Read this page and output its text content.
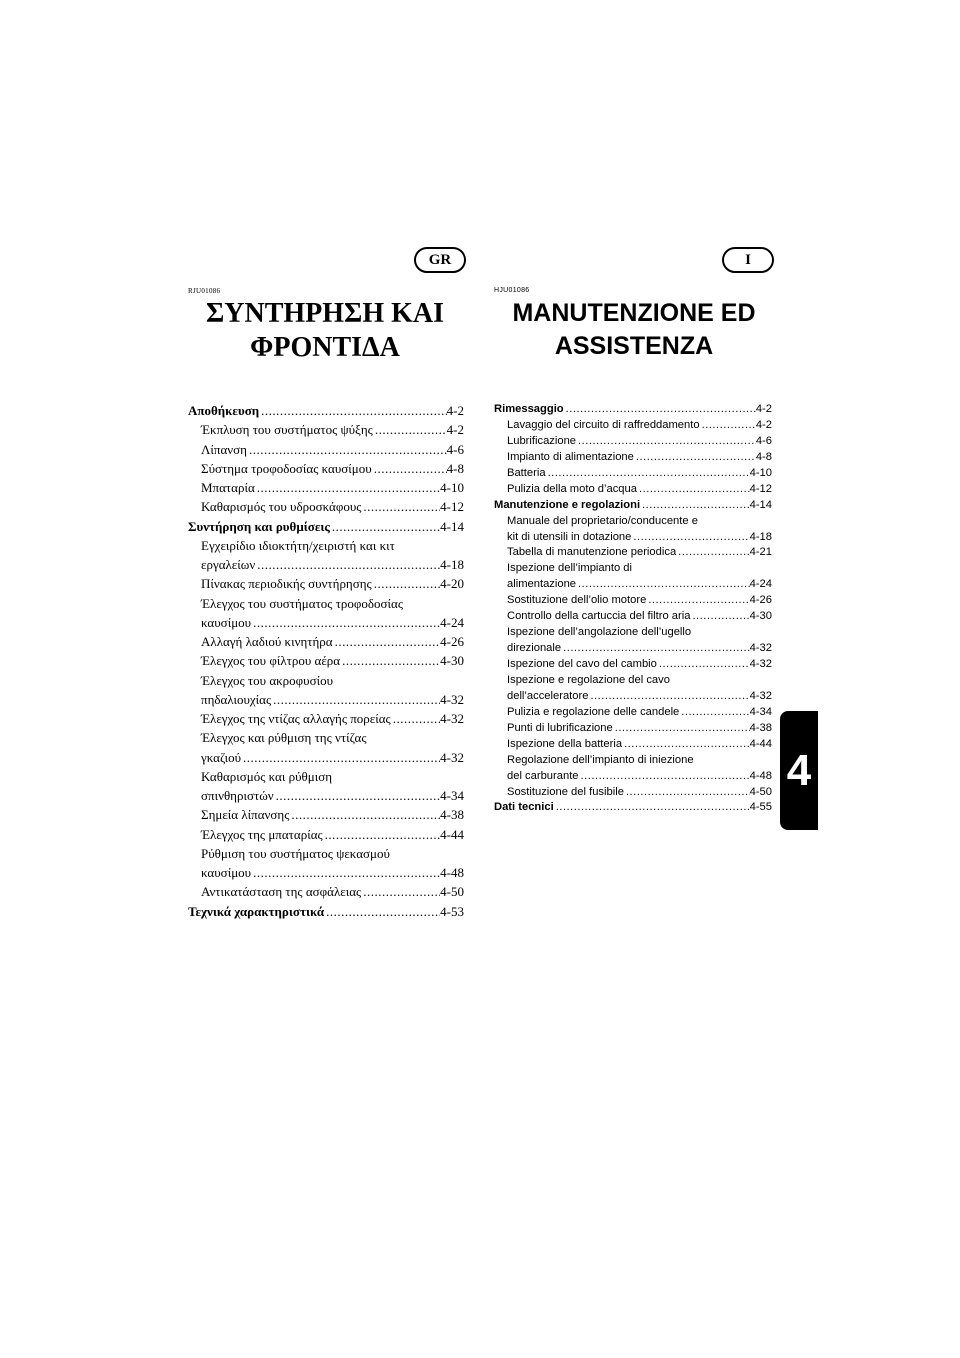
GR	I
RJU01086	HJU01086
ΣΥΝΤΗΡΗΣΗ ΚΑΙ
ΦΡΟΝΤΙΔΑ
MANUTENZIONE ED
ASSISTENZA
Αποθήκευση .....	4-2
Έκπλυση του συστήματος ψύξης .....	4-2
Λίπανση .....	4-6
Σύστημα τροφοδοσίας καυσίμου .....	4-8
Μπαταρία .....	4-10
Καθαρισμός του υδροσκάφους .....	4-12
Συντήρηση και ρυθμίσεις .....	4-14
Εγχειρίδιο ιδιοκτήτη/χειριστή και κιτ
εργαλείων .....	4-18
Πίνακας περιοδικής συντήρησης .....	4-20
Έλεγχος του συστήματος τροφοδοσίας
καυσίμου .....	4-24
Αλλαγή λαδιού κινητήρα .....	4-26
Έλεγχος του φίλτρου αέρα .....	4-30
Έλεγχος του ακροφυσίου
πηδαλιουχίας .....	4-32
Έλεγχος της ντίζας αλλαγής πορείας .....	4-32
Έλεγχος και ρύθμιση της ντίζας
γκαζιού .....	4-32
Καθαρισμός και ρύθμιση
σπινθηριστών .....	4-34
Σημεία λίπανσης .....	4-38
Έλεγχος της μπαταρίας .....	4-44
Ρύθμιση του συστήματος ψεκασμού
καυσίμου .....	4-48
Αντικατάσταση της ασφάλειας .....	4-50
Τεχνικά χαρακτηριστικά .....	4-53
Rimessaggio .....	4-2
Lavaggio del circuito di raffreddamento .....	4-2
Lubrificazione .....	4-6
Impianto di alimentazione .....	4-8
Batteria .....	4-10
Pulizia della moto d’acqua .....	4-12
Manutenzione e regolazioni .....	4-14
Manuale del proprietario/conducente e
kit di utensili in dotazione .....	4-18
Tabella di manutenzione periodica .....	4-21
Ispezione dell’impianto di
alimentazione .....	4-24
Sostituzione dell’olio motore .....	4-26
Controllo della cartuccia del filtro aria .....	4-30
Ispezione dell’angolazione dell’ugello
direzionale .....	4-32
Ispezione del cavo del cambio .....	4-32
Ispezione e regolazione del cavo
dell’acceleratore .....	4-32
Pulizia e regolazione delle candele .....	4-34
Punti di lubrificazione .....	4-38
Ispezione della batteria .....	4-44
Regolazione dell’impianto di iniezione
del carburante .....	4-48
Sostituzione del fusibile .....	4-50
Dati tecnici .....	4-55
4
